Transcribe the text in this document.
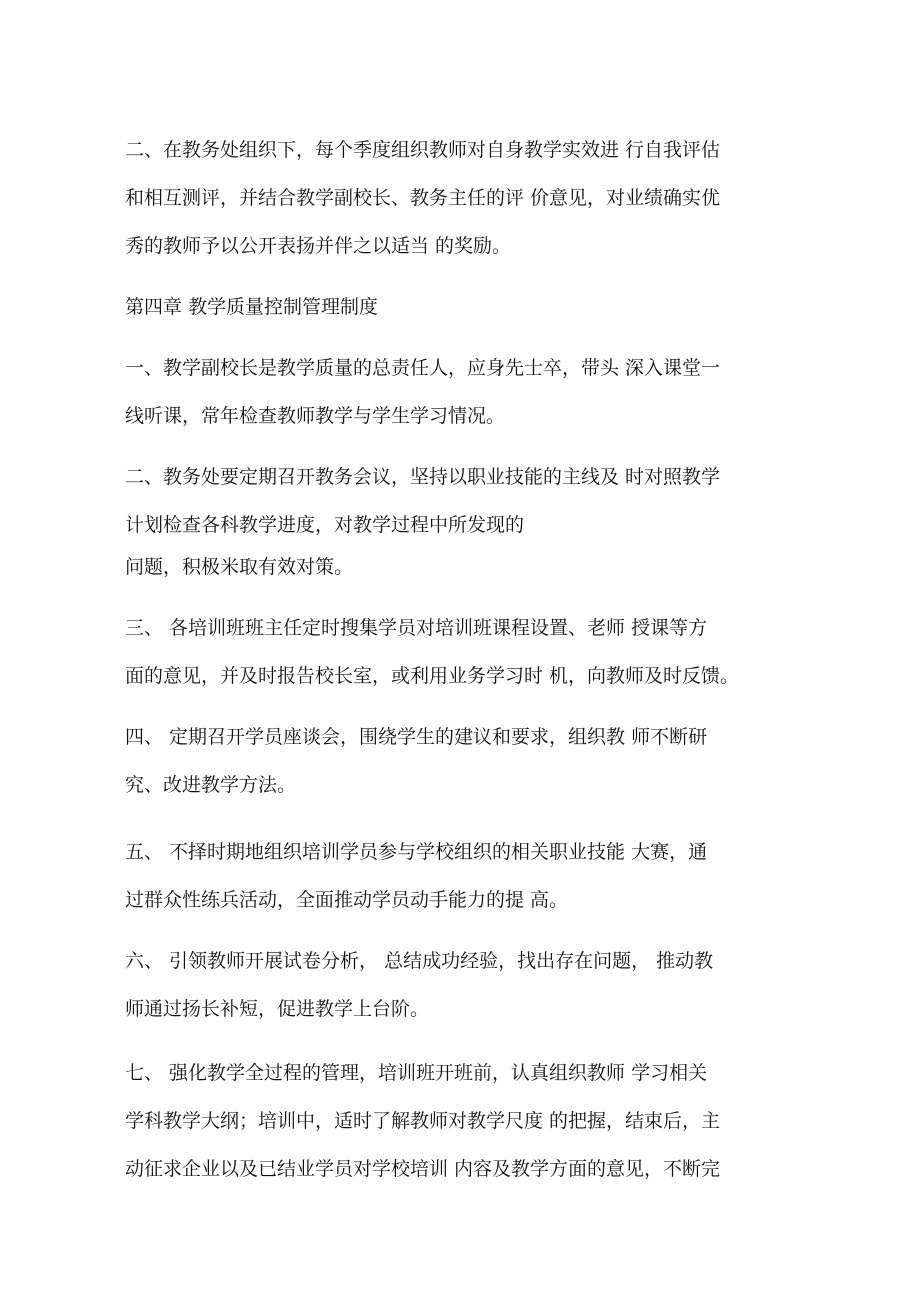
二、在教务处组织下，每个季度组织教师对自身教学实效进 行自我评估
和相互测评，并结合教学副校长、教务主任的评 价意见，对业绩确实优
秀的教师予以公开表扬并伴之以适当 的奖励。
第四章 教学质量控制管理制度
一、教学副校长是教学质量的总责任人，应身先士卒，带头 深入课堂一
线听课，常年检查教师教学与学生学习情况。
二、教务处要定期召开教务会议，坚持以职业技能的主线及 时对照教学
计划检查各科教学进度，对教学过程中所发现的
问题，积极米取有效对策。
三、 各培训班班主任定时搜集学员对培训班课程设置、老师 授课等方
面的意见，并及时报告校长室，或利用业务学习时 机，向教师及时反馈。
四、 定期召开学员座谈会，围绕学生的建议和要求，组织教 师不断研
究、改进教学方法。
五、 不择时期地组织培训学员参与学校组织的相关职业技能 大赛，通
过群众性练兵活动，全面推动学员动手能力的提 高。
六、 引领教师开展试卷分析， 总结成功经验，找出存在问题， 推动教
师通过扬长补短，促进教学上台阶。
七、 强化教学全过程的管理，培训班开班前，认真组织教师 学习相关
学科教学大纲；培训中，适时了解教师对教学尺度 的把握，结束后，主
动征求企业以及已结业学员对学校培训 内容及教学方面的意见，不断完
